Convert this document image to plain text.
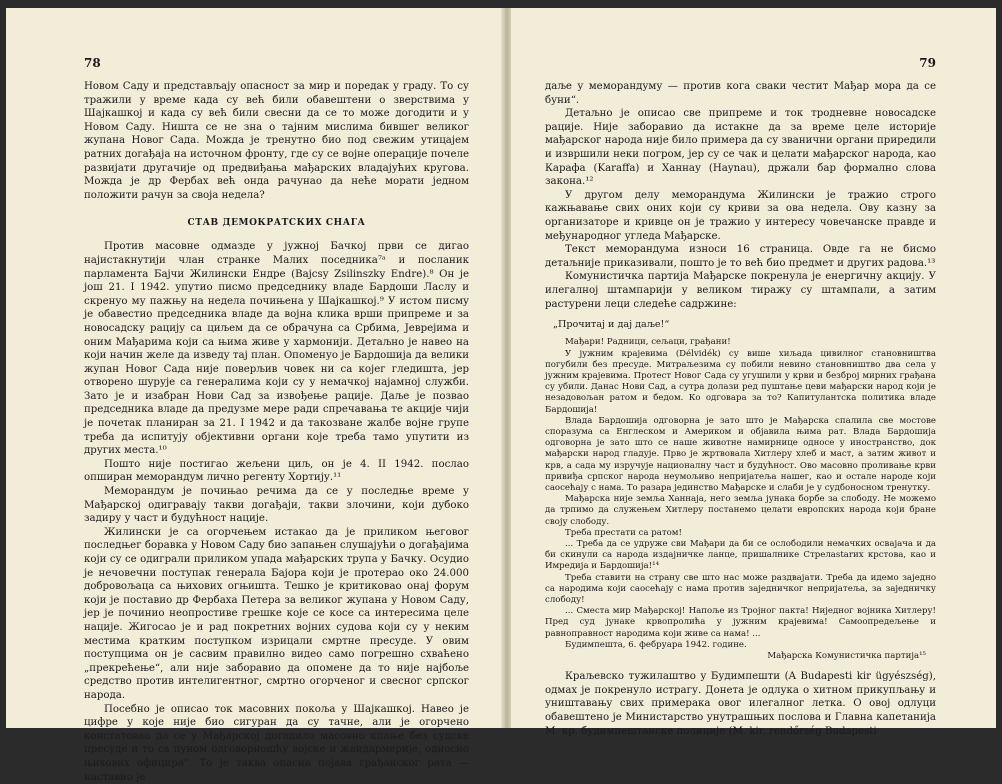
78

Новом Саду и представљају опасност за мир и поредак у граду. То су тражили у време када су већ били обавештени о зверствима у Шајкашкој и када су већ били свесни да се то може догодити и у Новом Саду. Ништа се не зна о тајним мислима бившег великог жупана Новог Сада. Можда је тренутно био под свежим утицајем ратних догађаја на источном фронту, где су се војне операције почеле развијати другачије од предвиђања мађарских владајућих кругова. Можда је др Фербах већ онда рачунао да неће морати једном положити рачун за своја недела?

СТАВ ДЕМОКРАТСКИХ СНАГА

Против масовне одмазде у јужној Бачкој први се дигао најистакнутији члан странке Малих поседника⁷ᵃ и посланик парламента Бајчи Жилински Ендре (Bajcsy Zsilinszky Endre).⁸ Он је још 21. I 1942. упутио писмо председнику владе Бардоши Ласлу и скренуо му пажњу на недела почињена у Шајкашкој.⁹ У истом писму је обавестио председника владе да војна клика врши припреме и за новосадску рацију са циљем да се обрачуна са Србима, Јеврејима и оним Мађарима који са њима живе у хармонији. Детаљно је навео на који начин желе да изведу тај план. Опоменуо је Бардошија да велики жупан Новог Сада није поверљив човек ни са којег гледишта, јер отворено шуруje са генералима који су у немачкој најамној служби. Зато је и изабран Нови Сад за извођење рације. Даље је позвао председника владе да предузме мере ради спречавања те акције чији је почетак планиран за 21. I 1942 и да такозване жалбе војне групе треба да испитују објективни органи које треба тамо упутити из других места.¹⁰

Пошто није постигао жељени циљ, он је 4. II 1942. послао опширан меморандум лично регенту Хортију.¹¹

Меморандум је почињао речима да се у последње време у Мађарској одигравају такви догађаји, такви злочини, који дубоко задиру у част и будућност нације.

Жилински је са огорчењем истакао да је приликом његовог последњег боравка у Новом Саду био запањен слушајући о догађајима који су се одиграли приликом упада мађарских трупа у Бачку. Осудио је нечовечни поступак генерала Бајора који је протерао око 24.000 добровољаца са њихових огњишта. Тешко је критиковао онај форум који је поставио др Фербаха Петера за великог жупана у Новом Саду, јер је починио неопростиве грешке које се косе са интересима целе нације. Жигосао је и рад покретних војних судова који су у неким местима кратким поступком изрицали смртне пресуде. У овим поступцима он је сасвим правилно видео само погрешно схваћено „прекрећење“, али није заборавио да опомене да то није најбоље средство против интелигентног, смртно огорченог и свесног српског народа.

Посебно је описао ток масовних покоља у Шајкашкој. Навео је цифре у које није био сигуран да су тачне, али је огорчено констатовао да се у Мађарској догодило масовно клање без судске пресуде и то са пуном одговорношћу војске и жандармерије, односно њихових официра“. То је таква опасна појава грађанског рата — наставио је

79

даље у меморандуму — против кога сваки честит Мађар мора да се буни“.

Детаљно је описао све припреме и ток тродневне новосадске рације. Није заборавио да истакне да за време целе историје мађарског народа није било примера да су званични органи приредили и извршили неки погром, јер су се чак и целати мађарског народа, као Карафа (Karaffa) и Ханнау (Haynau), држали бар формално слова закона.¹²

У другом делу меморандума Жилински је тражио строго кажњавање свих оних који су криви за ова недела. Ову казну за организаторе и кривце он је тражио у интересу човечанске правде и међународног угледа Мађарске.

Текст меморандума износи 16 страница. Овде га не бисмо детаљније приказивали, пошто је то већ био предмет и других радова.¹³

Комунистичка партија Мађарске покренула је енергичну акцију. У илегалној штампарији у великом тиражу су штампали, а затим растурени леци следеће садржине:

„Прочитај и дај даље!“

Мађари! Радници, сељаци, грађани!

У јужним крајевима (Délvidék) су више хиљада цивилног становништва погубили без пресуде. Митраљезима су побили невино становништво два села у јужним крајевима. Протест Новог Сада су угушили у крви и безброј мирних грађана су убили. Данас Нови Сад, а сутра долази ред пуштање цеви мађарски народ који је незадовољан ратом и бедом. Ко одговара за то? Капитулантска политика владе Бардошија!

Влада Бардошија одговорна је зато што је Мађарска спалила све мостове споразума са Енглеском и Америком и објавила њима рат. Влада Бардошија одговорна је зато што се наше животне намирнице односе у иностранство, док мађарски народ гладује. Прво је жртвовала Хитлеру хлеб и маст, а затим живот и крв, а сада му изручује националну част и будућност. Ово масовно проливање крви привиђа српског народа неумољиво непријатеља нашег, као и остале народе који саосећају с нама. То разара јединство Мађарске и слаби је у судбоносном тренутку.

Мађарска није земља Ханнаја, него земља јунака борбе за слободу. Не можемо да трпимо да служењем Хитлеру постанемо целати европских народа који бране своју слободу.

Треба престати са ратом!

... Треба да се удруже сви Мађари да би се ослободили немачких освајача и да би скинули са народа издајничке ланце, пришалнике Стрелаstarих крстова, као и Имредија и Бардошија!¹⁴

Треба ставити на страну све што нас може раздвајати. Треба да идемо заједно са народима који саосећају с нама против заједничког непријатеља, за заједничку слободу!

... Сместа мир Мађарској! Напоље из Тројног пакта! Ниједног војника Хитлеру! Пред суд јунаке крвопролића у јужним крајевима! Самоопредељење и равноправност народима који живе са нама! ...

Будимпешта, 6. фебруара 1942. године.

Мађарска Комунистичка партија¹⁵

Краљевско тужилаштво у Будимпешти (A Budapesti kir ügyészség), одмах је покренуло истрагу. Донета је одлука о хитном прикупљању и уништавању свих примерака овог илегалног летка. О овој одлуци обавештено је Министарство унутрашњих послова и Главна капетанија М. кр. будимпештанске полиције (M. kir. rendőrség Budapesti
